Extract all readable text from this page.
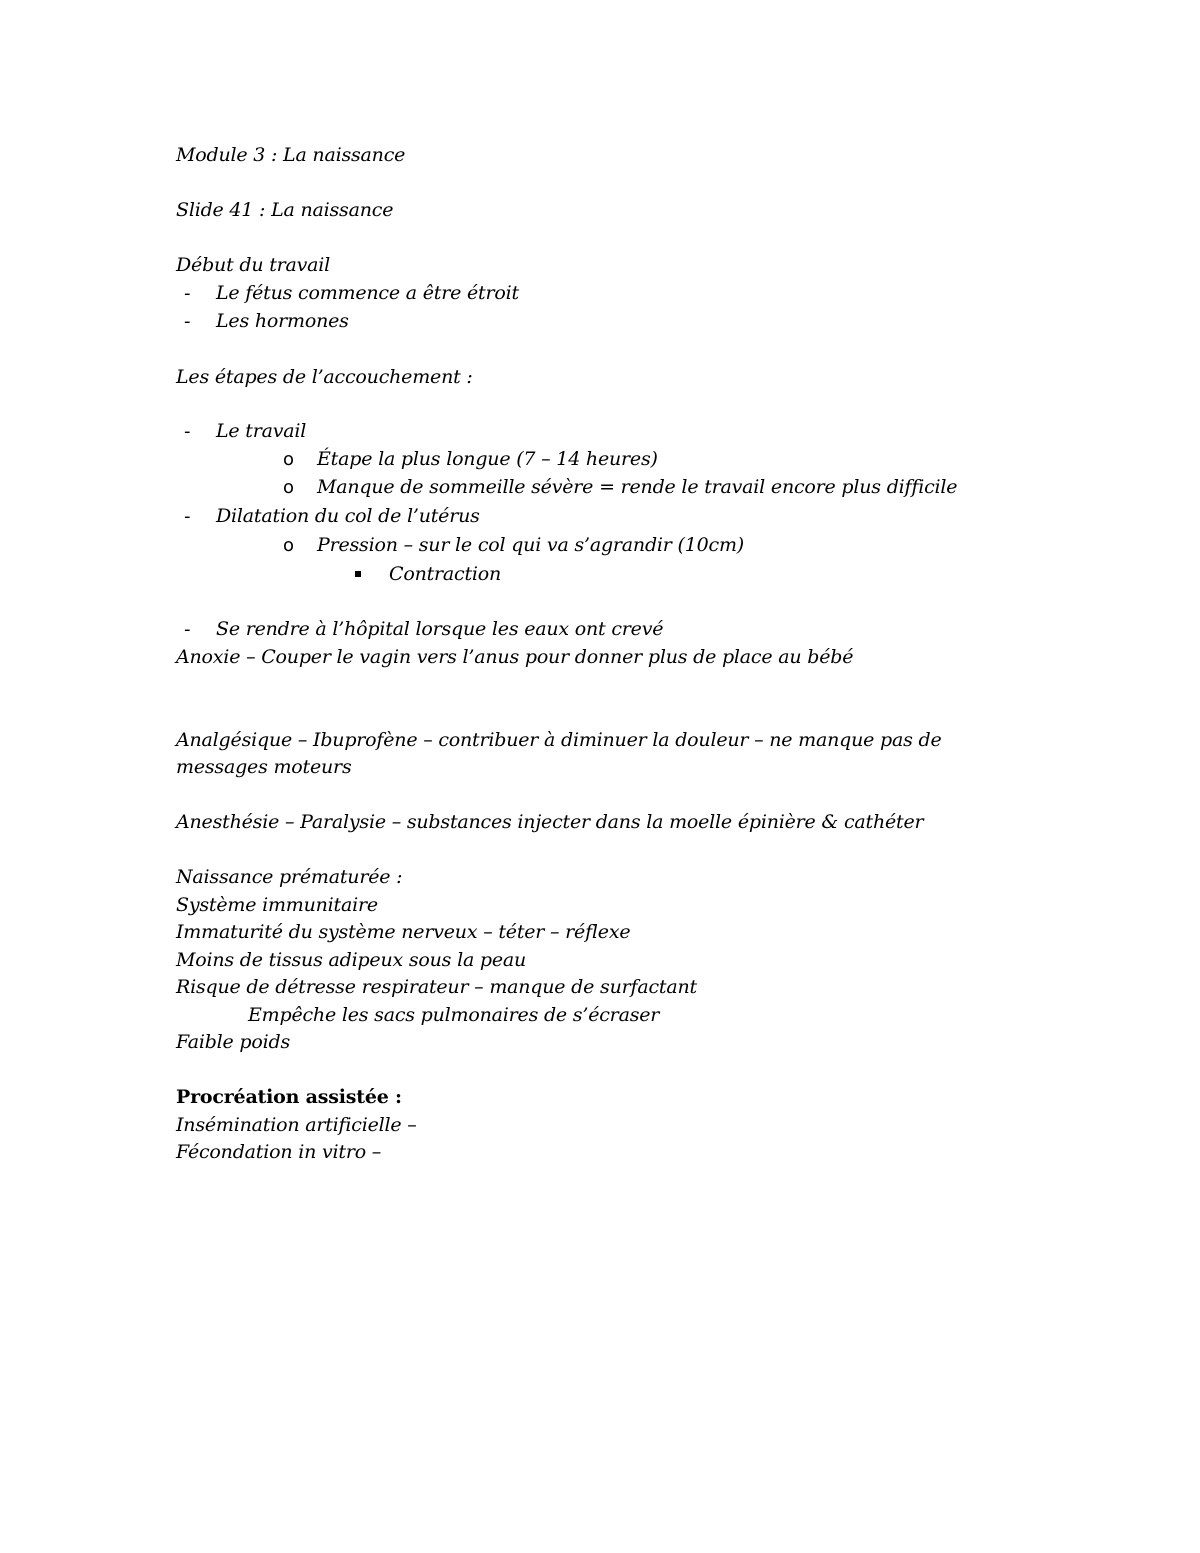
Module 3 : La naissance

Slide 41 : La naissance

Début du travail

- Le fétus commence a être étroit

- Les hormones

Les étapes de l’accouchement :

- Le travail

o Étape la plus longue (7 – 14 heures)

o Manque de sommeille sévère = rende le travail encore plus difficile

- Dilatation du col de l’utérus

o Pression – sur le col qui va s’agrandir (10cm)

Contraction

- Se rendre à l’hôpital lorsque les eaux ont crevé

Anoxie – Couper le vagin vers l’anus pour donner plus de place au bébé

Analgésique – Ibuprofène – contribuer à diminuer la douleur – ne manque pas de messages moteurs

Anesthésie – Paralysie – substances injecter dans la moelle épinière & cathéter

Naissance prématurée :

Système immunitaire

Immaturité du système nerveux – téter – réflexe

Moins de tissus adipeux sous la peau

Risque de détresse respirateur – manque de surfactant

Empêche les sacs pulmonaires de s’écraser

Faible poids

Procréation assistée :

Insémination artificielle –

Fécondation in vitro –
